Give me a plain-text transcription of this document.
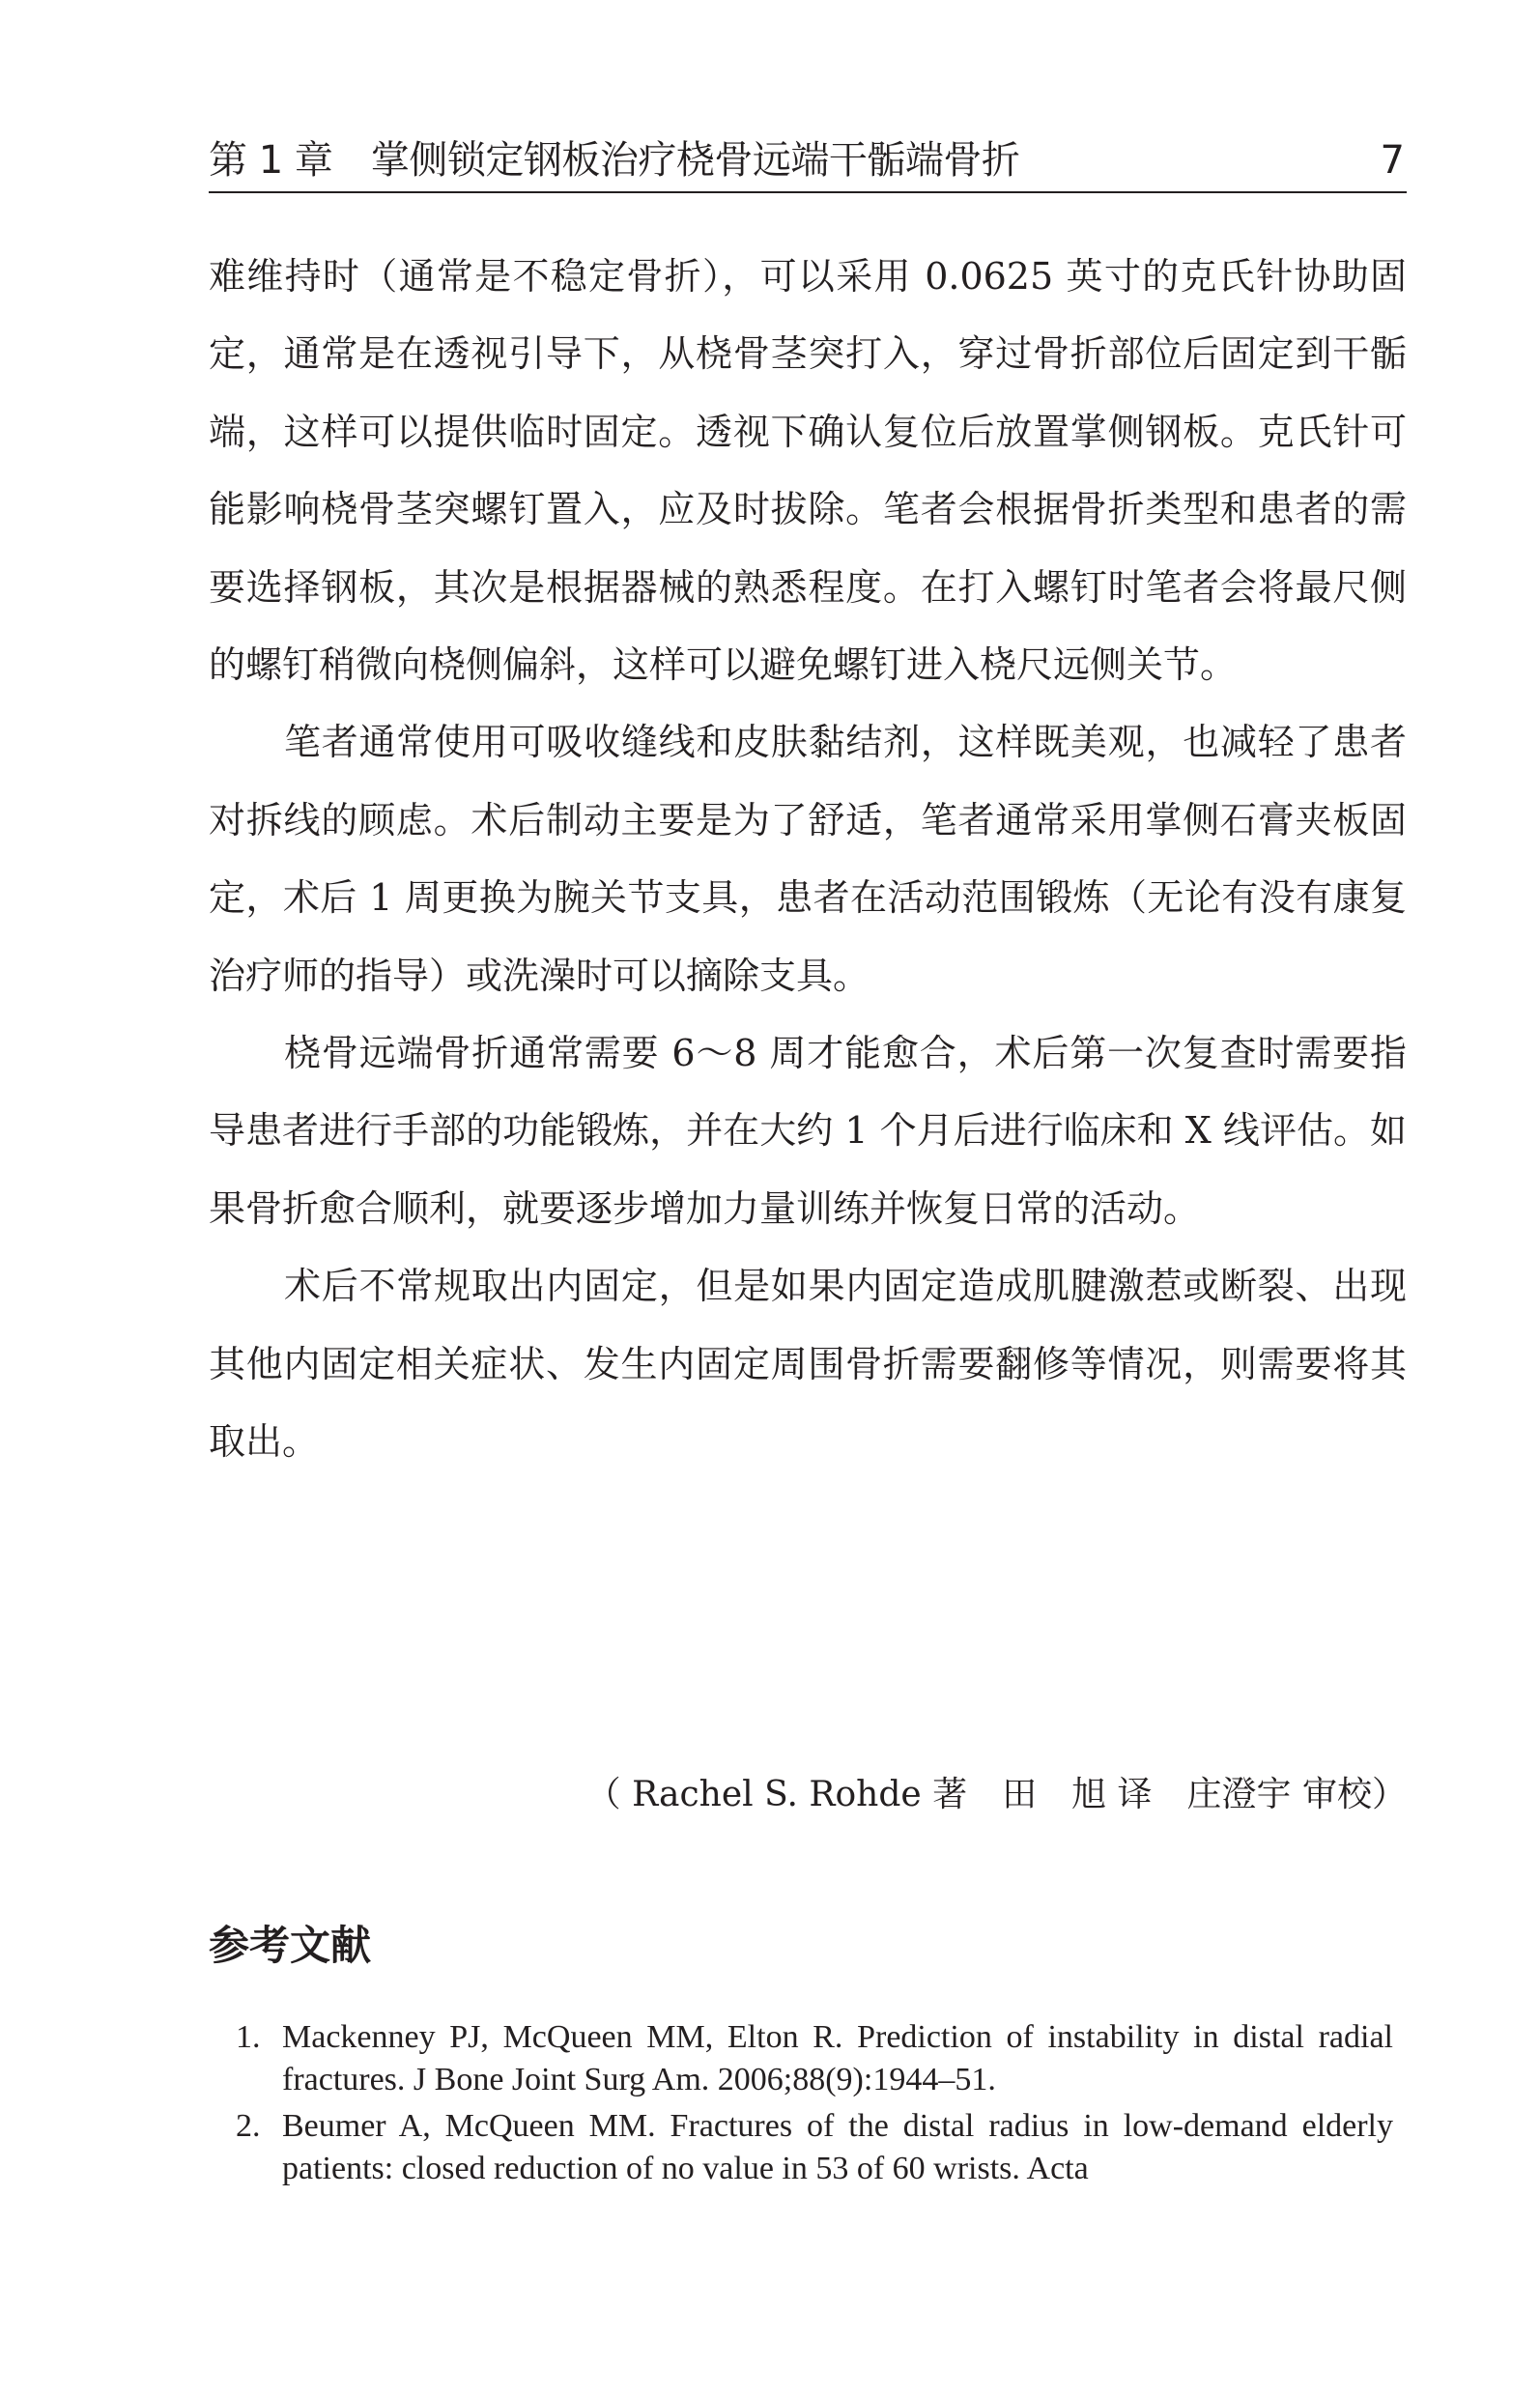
第 1 章　掌侧锁定钢板治疗桡骨远端干骺端骨折	7

难维持时（通常是不稳定骨折），可以采用 0.0625 英寸的克氏针协助固定，通常是在透视引导下，从桡骨茎突打入，穿过骨折部位后固定到干骺端，这样可以提供临时固定。透视下确认复位后放置掌侧钢板。克氏针可能影响桡骨茎突螺钉置入，应及时拔除。笔者会根据骨折类型和患者的需要选择钢板，其次是根据器械的熟悉程度。在打入螺钉时笔者会将最尺侧的螺钉稍微向桡侧偏斜，这样可以避免螺钉进入桡尺远侧关节。

笔者通常使用可吸收缝线和皮肤黏结剂，这样既美观，也减轻了患者对拆线的顾虑。术后制动主要是为了舒适，笔者通常采用掌侧石膏夹板固定，术后 1 周更换为腕关节支具，患者在活动范围锻炼（无论有没有康复治疗师的指导）或洗澡时可以摘除支具。

桡骨远端骨折通常需要 6～8 周才能愈合，术后第一次复查时需要指导患者进行手部的功能锻炼，并在大约 1 个月后进行临床和 X 线评估。如果骨折愈合顺利，就要逐步增加力量训练并恢复日常的活动。

术后不常规取出内固定，但是如果内固定造成肌腱激惹或断裂、出现其他内固定相关症状、发生内固定周围骨折需要翻修等情况，则需要将其取出。

（ Rachel S. Rohde 著　田　旭 译　庄澄宇 审校）
参考文献
1. Mackenney PJ, McQueen MM, Elton R. Prediction of instability in distal radial fractures. J Bone Joint Surg Am. 2006;88(9):1944–51.
2. Beumer A, McQueen MM. Fractures of the distal radius in low-demand elderly patients: closed reduction of no value in 53 of 60 wrists. Acta
